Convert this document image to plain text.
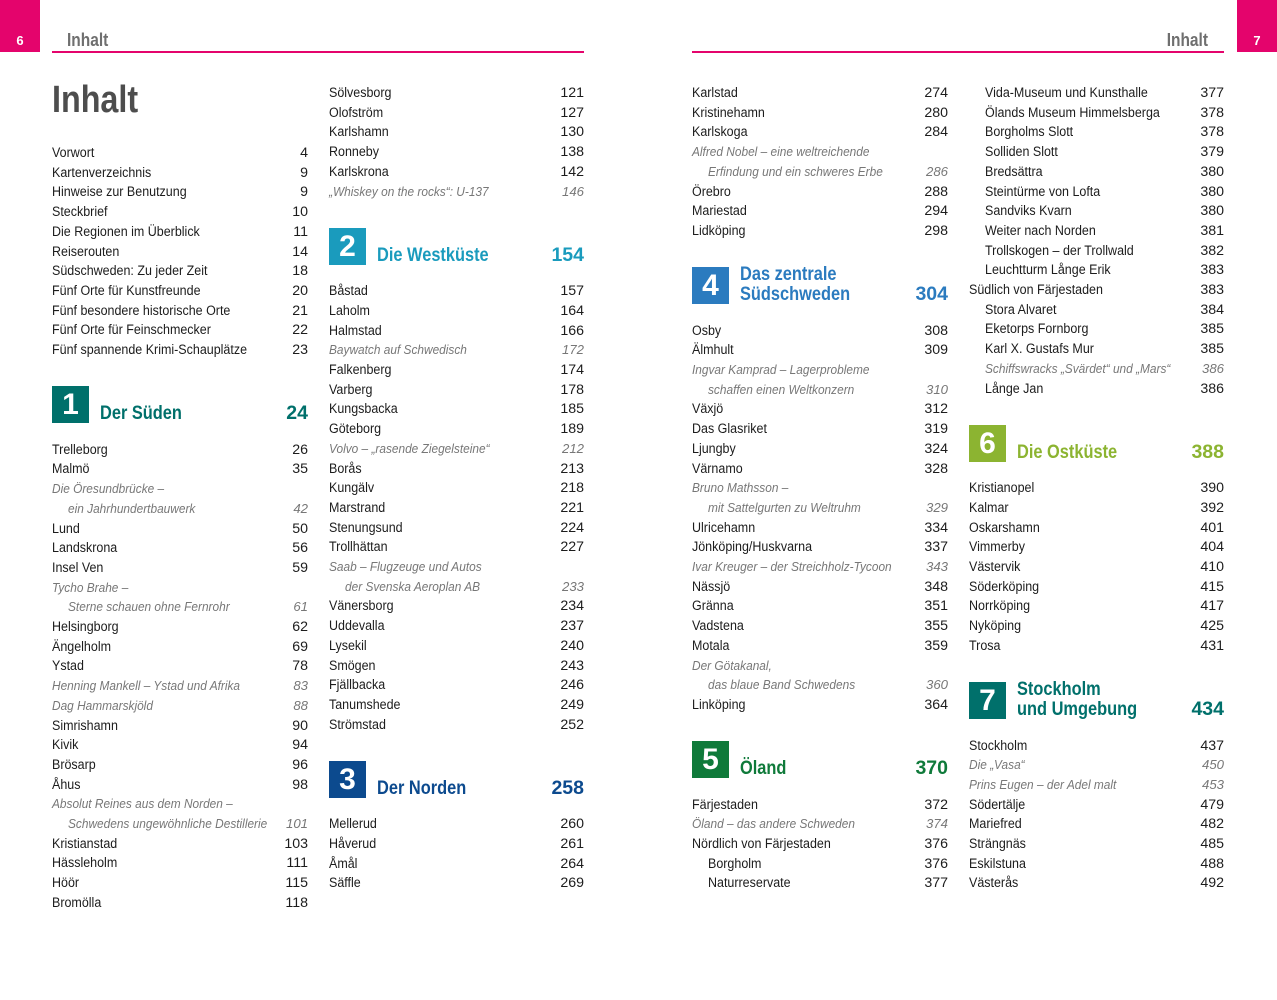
6	Inhalt	7
Inhalt
Inhalt
Vorwort	4
Kartenverzeichnis	9
Hinweise zur Benutzung	9
Steckbrief	10
Die Regionen im Überblick	11
Reiserouten	14
Südschweden: Zu jeder Zeit	18
Fünf Orte für Kunstfreunde	20
Fünf besondere historische Orte	21
Fünf Orte für Feinschmecker	22
Fünf spannende Krimi-Schauplätze	23
1	Der Süden	24
Trelleborg	26
Malmö	35
Die Öresundbrücke –
ein Jahrhundertbauwerk	42
Lund	50
Landskrona	56
Insel Ven	59
Tycho Brahe –
Sterne schauen ohne Fernrohr	61
Helsingborg	62
Ängelholm	69
Ystad	78
Henning Mankell – Ystad und Afrika	83
Dag Hammarskjöld	88
Simrishamn	90
Kivik	94
Brösarp	96
Åhus	98
Absolut Reines aus dem Norden –
Schwedens ungewöhnliche Destillerie 101
Kristianstad	103
Hässleholm	111
Höör	115
Bromölla	118
Sölvesborg	121
Olofström	127
Karlshamn	130
Ronneby	138
Karlskrona	142
„Whiskey on the rocks“: U-137	146
2	Die Westküste	154
Båstad	157
Laholm	164
Halmstad	166
Baywatch auf Schwedisch	172
Falkenberg	174
Varberg	178
Kungsbacka	185
Göteborg	189
Volvo – „rasende Ziegelsteine“	212
Borås	213
Kungälv	218
Marstrand	221
Stenungsund	224
Trollhättan	227
Saab – Flugzeuge und Autos
der Svenska Aeroplan AB	233
Vänersborg	234
Uddevalla	237
Lysekil	240
Smögen	243
Fjällbacka	246
Tanumshede	249
Strömstad	252
3	Der Norden	258
Mellerud	260
Håverud	261
Åmål	264
Säffle	269
Karlstad	274
Kristinehamn	280
Karlskoga	284
Alfred Nobel – eine weltreichende
Erfindung und ein schweres Erbe	286
Örebro	288
Mariestad	294
Lidköping	298
4	Das zentrale
Südschweden	304
Osby	308
Älmhult	309
Ingvar Kamprad – Lagerprobleme
schaffen einen Weltkonzern	310
Växjö	312
Das Glasriket	319
Ljungby	324
Värnamo	328
Bruno Mathsson –
mit Sattelgurten zu Weltruhm	329
Ulricehamn	334
Jönköping/Huskvarna	337
Ivar Kreuger – der Streichholz-Tycoon	343
Nässjö	348
Gränna	351
Vadstena	355
Motala	359
Der Götakanal,
das blaue Band Schwedens	360
Linköping	364
5	Öland	370
Färjestaden	372
Öland – das andere Schweden	374
Nördlich von Färjestaden	376
Borgholm	376
Naturreservate	377
Vida-Museum und Kunsthalle	377
Ölands Museum Himmelsberga	378
Borgholms Slott	378
Solliden Slott	379
Bredsättra	380
Steintürme von Lofta	380
Sandviks Kvarn	380
Weiter nach Norden	381
Trollskogen – der Trollwald	382
Leuchtturm Långe Erik	383
Südlich von Färjestaden	383
Stora Alvaret	384
Eketorps Fornborg	385
Karl X. Gustafs Mur	385
Schiffswracks „Svärdet“ und „Mars“ 386
Långe Jan	386
6	Die Ostküste	388
Kristianopel	390
Kalmar	392
Oskarshamn	401
Vimmerby	404
Västervik	410
Söderköping	415
Norrköping	417
Nyköping	425
Trosa	431
7	Stockholm
und Umgebung	434
Stockholm	437
Die „Vasa“	450
Prins Eugen – der Adel malt	453
Södertälje	479
Mariefred	482
Strängnäs	485
Eskilstuna	488
Västerås	492
